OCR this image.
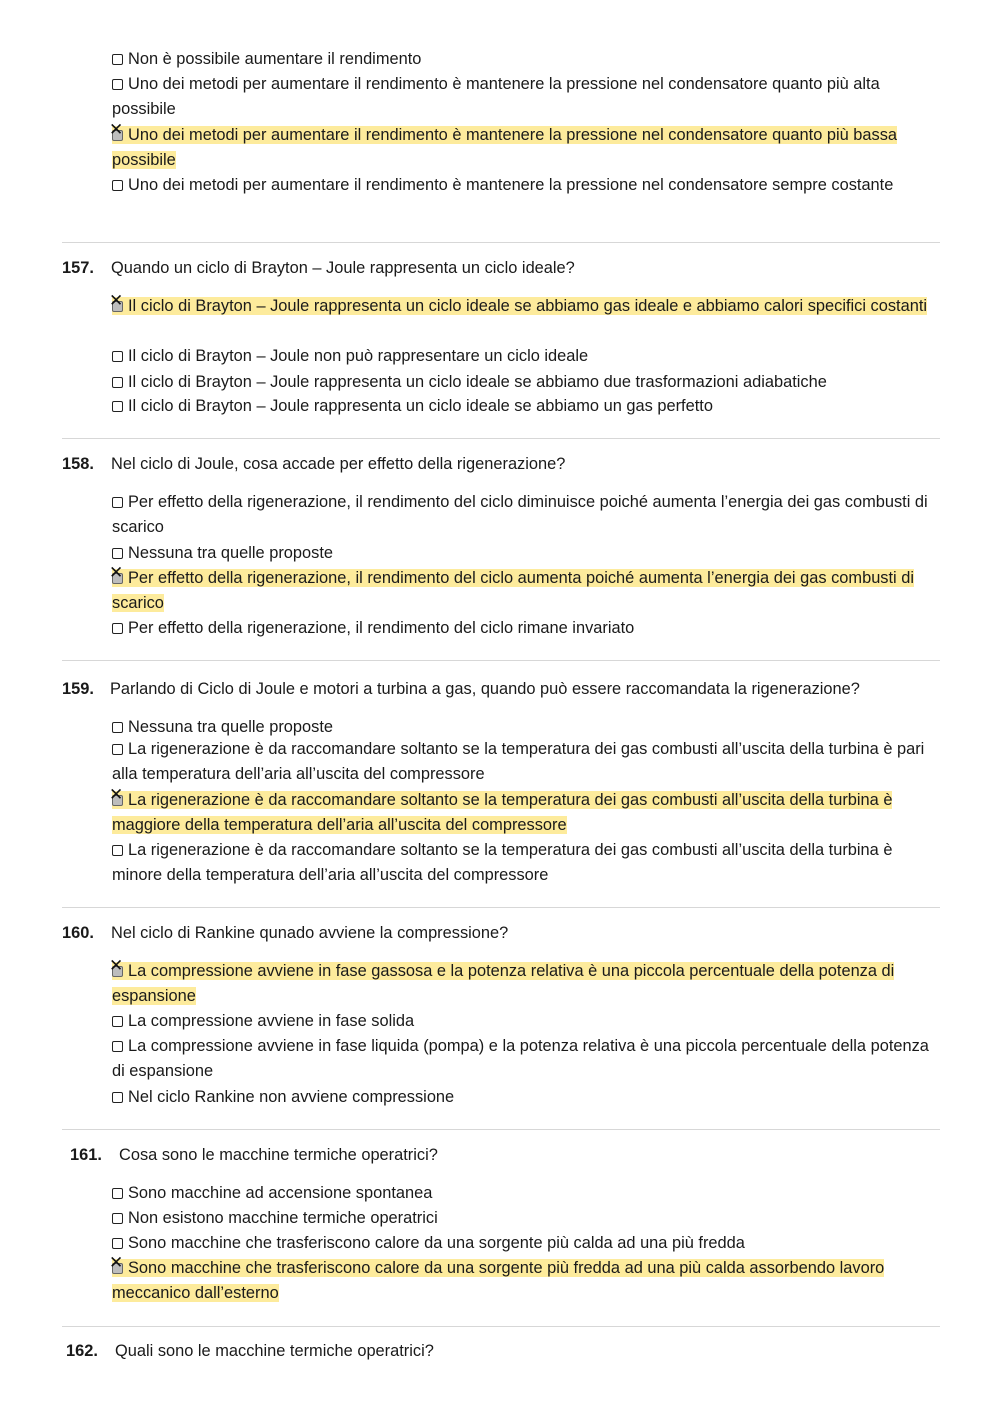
Non è possibile aumentare il rendimento
Uno dei metodi per aumentare il rendimento è mantenere la pressione nel condensatore quanto più alta possibile
✕Uno dei metodi per aumentare il rendimento è mantenere la pressione nel condensatore quanto più bassa possibile
Uno dei metodi per aumentare il rendimento è mantenere la pressione nel condensatore sempre costante
157. Quando un ciclo di Brayton – Joule rappresenta un ciclo ideale?
✕Il ciclo di Brayton – Joule rappresenta un ciclo ideale se abbiamo gas ideale e abbiamo calori specifici costanti
Il ciclo di Brayton – Joule non può rappresentare un ciclo ideale
Il ciclo di Brayton – Joule rappresenta un ciclo ideale se abbiamo due trasformazioni adiabatiche
Il ciclo di Brayton – Joule rappresenta un ciclo ideale se abbiamo un gas perfetto
158. Nel ciclo di Joule, cosa accade per effetto della rigenerazione?
Per effetto della rigenerazione, il rendimento del ciclo diminuisce poiché aumenta l’energia dei gas combusti di scarico
Nessuna tra quelle proposte
✕Per effetto della rigenerazione, il rendimento del ciclo aumenta poiché aumenta l’energia dei gas combusti di scarico
Per effetto della rigenerazione, il rendimento del ciclo rimane invariato
159. Parlando di Ciclo di Joule e motori a turbina a gas, quando può essere raccomandata la rigenerazione?
Nessuna tra quelle proposte
La rigenerazione è da raccomandare soltanto se la temperatura dei gas combusti all’uscita della turbina è pari alla temperatura dell’aria all’uscita del compressore
✕La rigenerazione è da raccomandare soltanto se la temperatura dei gas combusti all’uscita della turbina è maggiore della temperatura dell’aria all’uscita del compressore
La rigenerazione è da raccomandare soltanto se la temperatura dei gas combusti all’uscita della turbina è minore della temperatura dell’aria all’uscita del compressore
160. Nel ciclo di Rankine qunado avviene la compressione?
✕La compressione avviene in fase gassosa e la potenza relativa è una piccola percentuale della potenza di espansione
La compressione avviene in fase solida
La compressione avviene in fase liquida (pompa) e la potenza relativa è una piccola percentuale della potenza di espansione
Nel ciclo Rankine non avviene compressione
161. Cosa sono le macchine termiche operatrici?
Sono macchine ad accensione spontanea
Non esistono macchine termiche operatrici
Sono macchine che trasferiscono calore da una sorgente più calda ad una più fredda
✕Sono macchine che trasferiscono calore da una sorgente più fredda ad una più calda assorbendo lavoro meccanico dall’esterno
162. Quali sono le macchine termiche operatrici?
